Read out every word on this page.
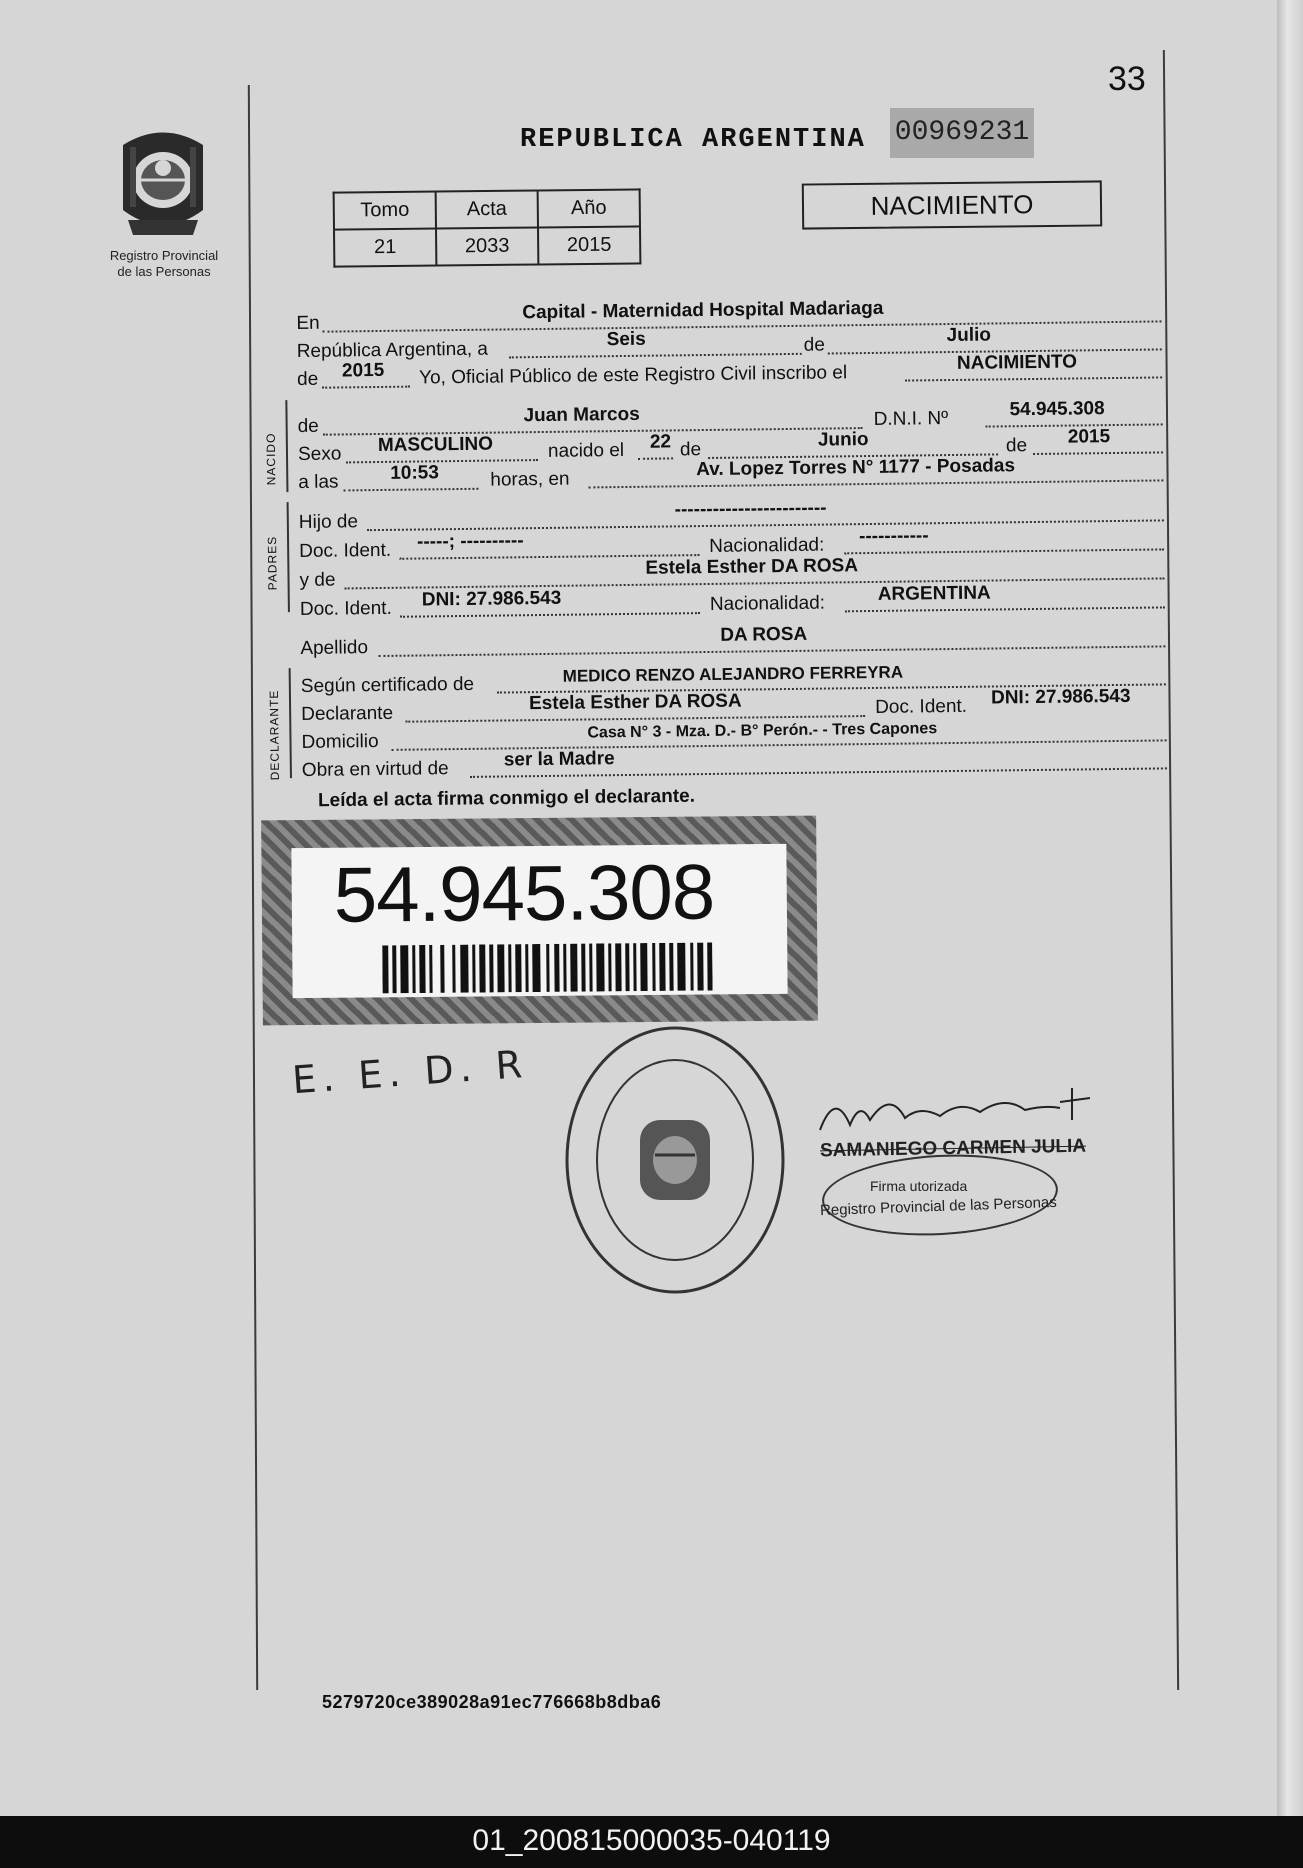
33
Registro Provincial
de las Personas
REPUBLICA ARGENTINA 00969231
Tomo	Acta	Año
21	2033	2015
NACIMIENTO
En
Capital - Maternidad Hospital Madariaga
República Argentina, a	Seis	de	Julio
de 2015 Yo, Oficial Público de este Registro Civil inscribo el	NACIMIENTO
NACIDO
de
Juan Marcos	D.N.I. Nº	54.945.308
Sexo MASCULINO	nacido el 22 de	Junio	de 2015
a las	10:53	horas, en	Av. Lopez Torres N° 1177 - Posadas
PADRES
Hijo de
------------------------
Doc. Ident. -----; ----------	Nacionalidad: -----------
y de
Estela Esther DA ROSA
Doc. Ident. DNI: 27.986.543	Nacionalidad:	ARGENTINA
Apellido
DA ROSA
DECLARANTE
Según certificado de	MEDICO RENZO ALEJANDRO FERREYRA
Declarante	Estela Esther DA ROSA	Doc. Ident. DNI: 27.986.543
Domicilio
Casa N° 3 - Mza. D.- B° Perón.- - Tres Capones
Obra en virtud de	ser la Madre
Leída el acta firma conmigo el declarante.
54.945.308
E. E. D. R
SAMANIEGO CARMEN JULIA
Firma utorizada
Registro Provincial de las Personas
5279720ce389028a91ec776668b8dba6
01_200815000035-040119
